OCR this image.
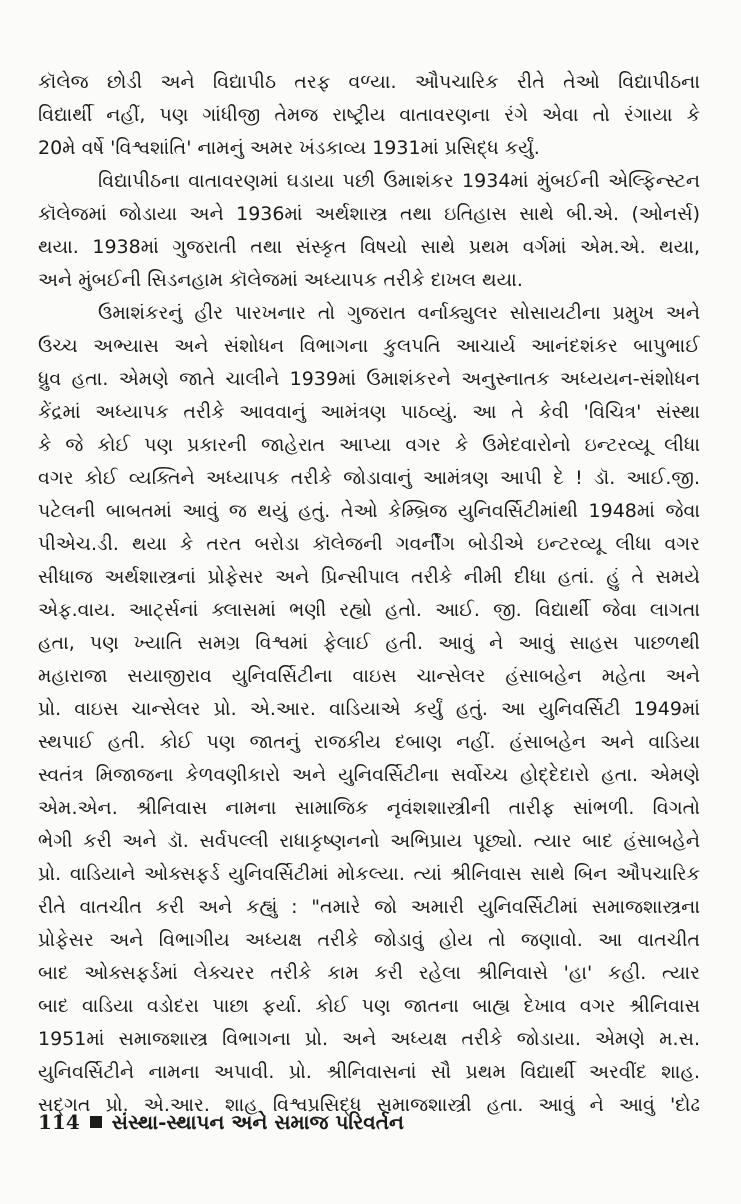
કૉલેજ છોડી અને વિદ્યાપીઠ તરફ વળ્યા. ઔપચારિક રીતે તેઓ વિદ્યાપીઠના
વિદ્યાર્થી નહીં, પણ ગાંધીજી તેમજ રાષ્ટ્રીય વાતાવરણના રંગે એવા તો રંગાયા કે
20મે વર્ષે 'વિશ્વશાંતિ' નામનું અમર ખંડકાવ્ય 1931માં પ્રસિદ્ધ કર્યું.
વિદ્યાપીઠના વાતાવરણમાં ઘડાયા પછી ઉમાશંકર 1934માં મુંબઈની એલ્ફિન્સ્ટન
કૉલેજમાં જોડાયા અને 1936માં અર્થશાસ્ત્ર તથા ઇતિહાસ સાથે બી.એ. (ઓનર્સ)
થયા. 1938માં ગુજરાતી તથા સંસ્કૃત વિષયો સાથે પ્રથમ વર્ગમાં એમ.એ. થયા,
અને મુંબઈની સિડનહામ કૉલેજમાં અધ્યાપક તરીકે દાખલ થયા.
ઉમાશંકરનું હીર પારખનાર તો ગુજરાત વર્નાક્યુલર સોસાયટીના પ્રમુખ અને
ઉચ્ચ અભ્યાસ અને સંશોધન વિભાગના કુલપતિ આચાર્ય આનંદશંકર બાપુભાઈ
ધ્રુવ હતા. એમણે જાતે ચાલીને 1939માં ઉમાશંકરને અનુસ્નાતક અધ્યયન-સંશોધન
કેંદ્રમાં અધ્યાપક તરીકે આવવાનું આમંત્રણ પાઠવ્યું. આ તે કેવી 'વિચિત્ર' સંસ્થા
કે જે કોઈ પણ પ્રકારની જાહેરાત આપ્યા વગર કે ઉમેદવારોનો ઇન્ટરવ્યૂ લીધા
વગર કોઈ વ્યક્તિને અધ્યાપક તરીકે જોડાવાનું આમંત્રણ આપી દે ! ડૉ. આઈ.જી.
પટેલની બાબતમાં આવું જ થયું હતું. તેઓ કેમ્બ્રિજ યુનિવર્સિટીમાંથી 1948માં જેવા
પીએચ.ડી. થયા કે તરત બરોડા કૉલેજની ગવર્નીંગ બોડીએ ઇન્ટરવ્યૂ લીધા વગર
સીધાજ અર્થશાસ્ત્રનાં પ્રોફેસર અને પ્રિન્સીપાલ તરીકે નીમી દીધા હતાં. હું તે સમયે
એફ.વાય. આર્ટ્સનાં ક્લાસમાં ભણી રહ્યો હતો. આઈ. જી. વિદ્યાર્થી જેવા લાગતા
હતા, પણ ખ્યાતિ સમગ્ર વિશ્વમાં ફેલાઈ હતી. આવું ને આવું સાહસ પાછળથી
મહારાજા સયાજીરાવ યુનિવર્સિટીના વાઇસ ચાન્સેલર હંસાબહેન મહેતા અને
પ્રો. વાઇસ ચાન્સેલર પ્રો. એ.આર. વાડિયાએ કર્યું હતું. આ યુનિવર્સિટી 1949માં
સ્થપાઈ હતી. કોઈ પણ જાતનું રાજકીય દબાણ નહીં. હંસાબહેન અને વાડિયા
સ્વતંત્ર મિજાજના કેળવણીકારો અને યુનિવર્સિટીના સર્વોચ્ચ હોદ્દેદારો હતા. એમણે
એમ.એન. શ્રીનિવાસ નામના સામાજિક નૃવંશશાસ્ત્રીની તારીફ સાંભળી. વિગતો
ભેગી કરી અને ડૉ. સર્વપલ્લી રાધાકૃષ્ણનનો અભિપ્રાય પૂછ્યો. ત્યાર બાદ હંસાબહેને
પ્રો. વાડિયાને ઓક્સફર્ડ યુનિવર્સિટીમાં મોકલ્યા. ત્યાં શ્રીનિવાસ સાથે બિન ઔપચારિક
રીતે વાતચીત કરી અને કહ્યું : "તમારે જો અમારી યુનિવર્સિટીમાં સમાજશાસ્ત્રના
પ્રોફેસર અને વિભાગીય અધ્યક્ષ તરીકે જોડાવું હોય તો જણાવો. આ વાતચીત
બાદ ઓક્સફર્ડમાં લેક્ચરર તરીકે કામ કરી રહેલા શ્રીનિવાસે 'હા' કહી. ત્યાર
બાદ વાડિયા વડોદરા પાછા ફર્યા. કોઈ પણ જાતના બાહ્ય દેખાવ વગર શ્રીનિવાસ
1951માં સમાજશાસ્ત્ર વિભાગના પ્રો. અને અધ્યક્ષ તરીકે જોડાયા. એમણે મ.સ.
યુનિવર્સિટીને નામના અપાવી. પ્રો. શ્રીનિવાસનાં સૌ પ્રથમ વિદ્યાર્થી અરવીંદ શાહ.
સદ્ગત પ્રો. એ.આર. શાહ વિશ્વપ્રસિદ્ધ સમાજશાસ્ત્રી હતા. આવું ને આવું 'દોઢ
114 સંસ્થા-સ્થાપન અને સમાજ પરિવર્તન
